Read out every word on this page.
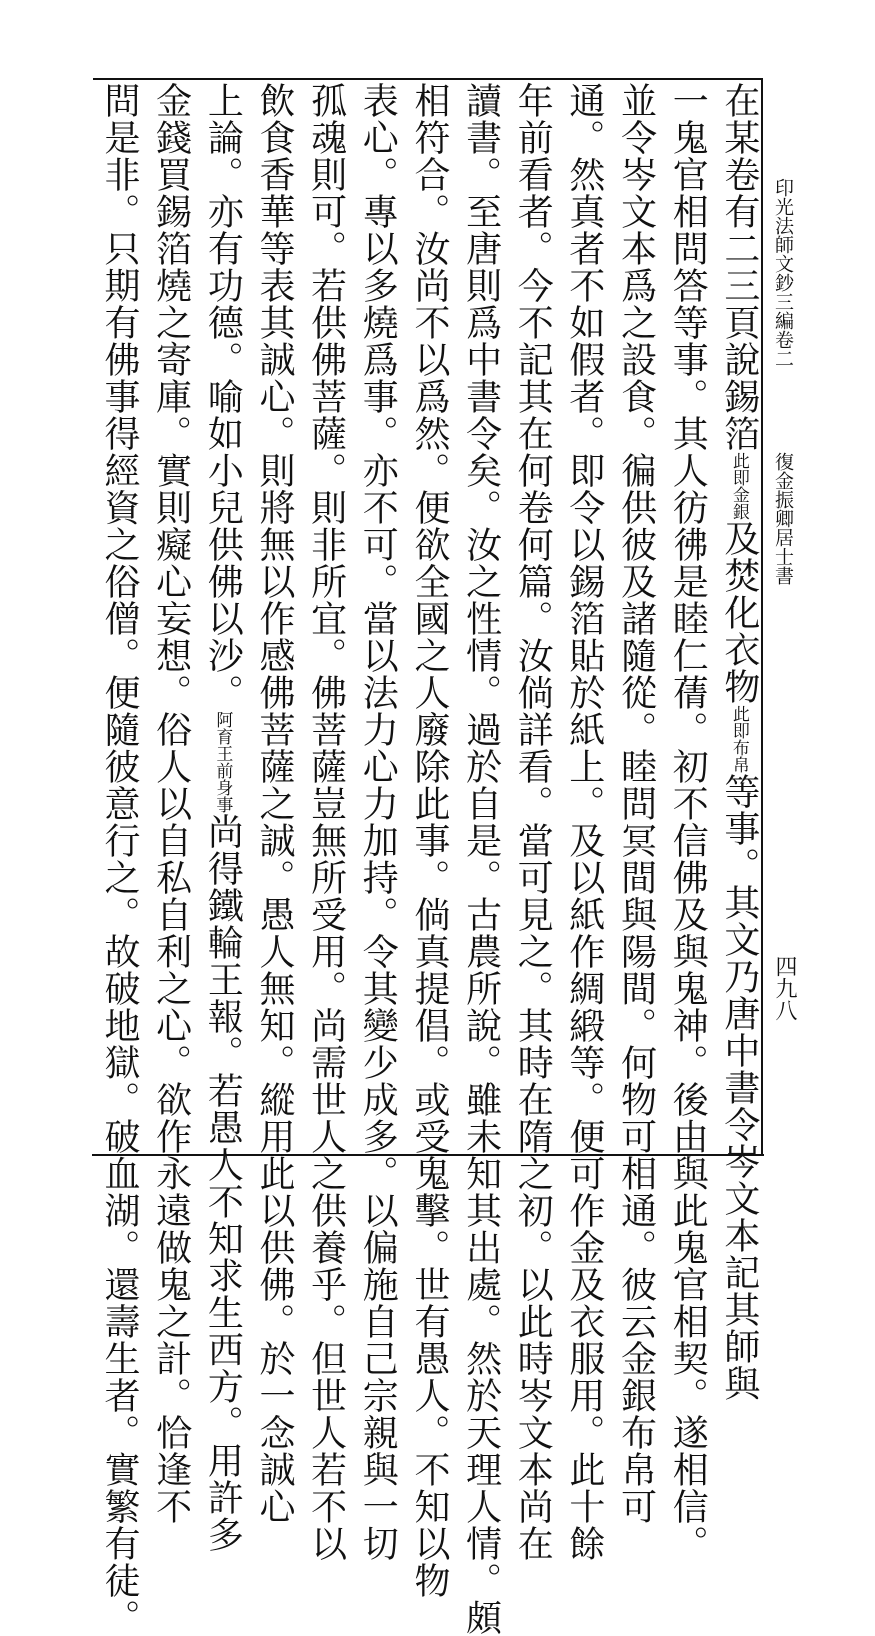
印光法師文鈔三編卷二
復金振卿居士書
四九八
在某卷有二三頁說錫箔此即金銀及焚化衣物此即布帛等事。其文乃唐中書令岑文本記其師與
一鬼官相問答等事。其人彷彿是睦仁蒨。初不信佛及與鬼神。後由與此鬼官相契。遂相信。
並令岑文本爲之設食。徧供彼及諸隨從。睦問冥間與陽間。何物可相通。彼云金銀布帛可
通。然真者不如假者。即令以錫箔貼於紙上。及以紙作綢緞等。便可作金及衣服用。此十餘
年前看者。今不記其在何卷何篇。汝倘詳看。當可見之。其時在隋之初。以此時岑文本尚在
讀書。至唐則爲中書令矣。汝之性情。過於自是。古農所說。雖未知其出處。然於天理人情。頗
相符合。汝尚不以爲然。便欲全國之人廢除此事。倘真提倡。或受鬼擊。世有愚人。不知以物
表心。專以多燒爲事。亦不可。當以法力心力加持。令其變少成多。以偏施自己宗親與一切
孤魂則可。若供佛菩薩。則非所宜。佛菩薩豈無所受用。尚需世人之供養乎。但世人若不以
飲食香華等表其誠心。則將無以作感佛菩薩之誠。愚人無知。縱用此以供佛。於一念誠心
上論。亦有功德。喻如小兒供佛以沙。阿育王前身事尚得鐵輪王報。若愚人不知求生西方。用許多
金錢買錫箔燒之寄庫。實則癡心妄想。俗人以自私自利之心。欲作永遠做鬼之計。恰逢不
問是非。只期有佛事得經資之俗僧。便隨彼意行之。故破地獄。破血湖。還壽生者。實繁有徒。
